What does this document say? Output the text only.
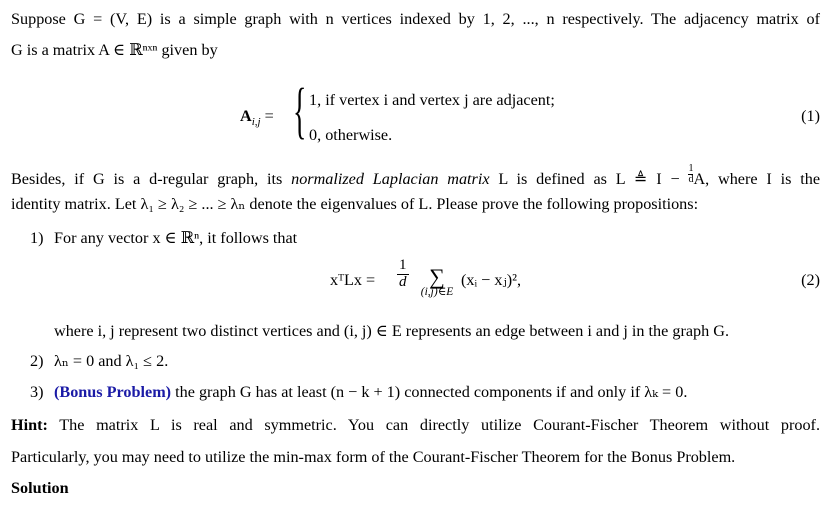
Suppose G = (V, E) is a simple graph with n vertices indexed by 1, 2, ..., n respectively. The adjacency matrix of
G is a matrix A ∈ ℝⁿˣⁿ given by
$A_{i,j}$ = { 1, if vertex i and vertex j are adjacent;
0, otherwise.
(1)
Besides, if G is a d-regular graph, its normalized Laplacian matrix L is defined as L ≜ $I - \frac{1}{d}A$, where I is the
identity matrix. Let λ₁ ≥ λ₂ ≥ ... ≥ λₙ denote the eigenvalues of L. Please prove the following propositions:
1) For any vector x ∈ ℝⁿ, it follows that
xᵀLx = $\frac{1}{d}$ ∑
(i,j)∈E
(xᵢ − xⱼ)²,	(2)
where i, j represent two distinct vertices and (i, j) ∈ E represents an edge between i and j in the graph G.
2) λₙ = 0 and λ₁ ≤ 2.
3) (Bonus Problem) the graph G has at least (n − k + 1) connected components if and only if λₖ = 0.
Hint: The matrix L is real and symmetric. You can directly utilize Courant-Fischer Theorem without proof.
Particularly, you may need to utilize the min-max form of the Courant-Fischer Theorem for the Bonus Problem.
Solution
